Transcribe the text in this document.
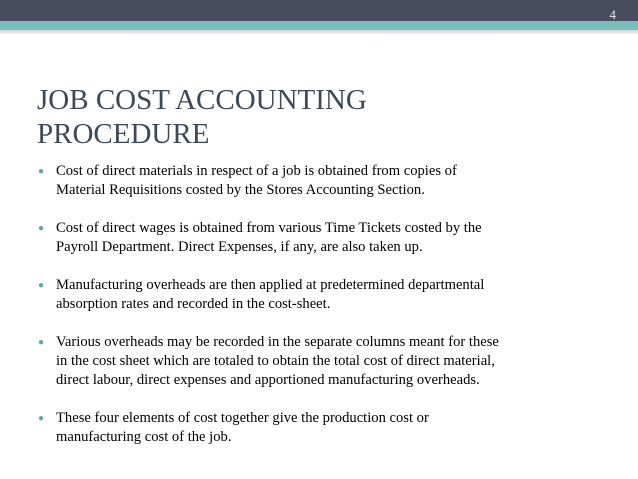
4
JOB COST ACCOUNTING
PROCEDURE
● Cost of direct materials in respect of a job is obtained from copies of
Material Requisitions costed by the Stores Accounting Section.
● Cost of direct wages is obtained from various Time Tickets costed by the
Payroll Department. Direct Expenses, if any, are also taken up.
● Manufacturing overheads are then applied at predetermined departmental
absorption rates and recorded in the cost-sheet.
● Various overheads may be recorded in the separate columns meant for these
in the cost sheet which are totaled to obtain the total cost of direct material,
direct labour, direct expenses and apportioned manufacturing overheads.
● These four elements of cost together give the production cost or
manufacturing cost of the job.
